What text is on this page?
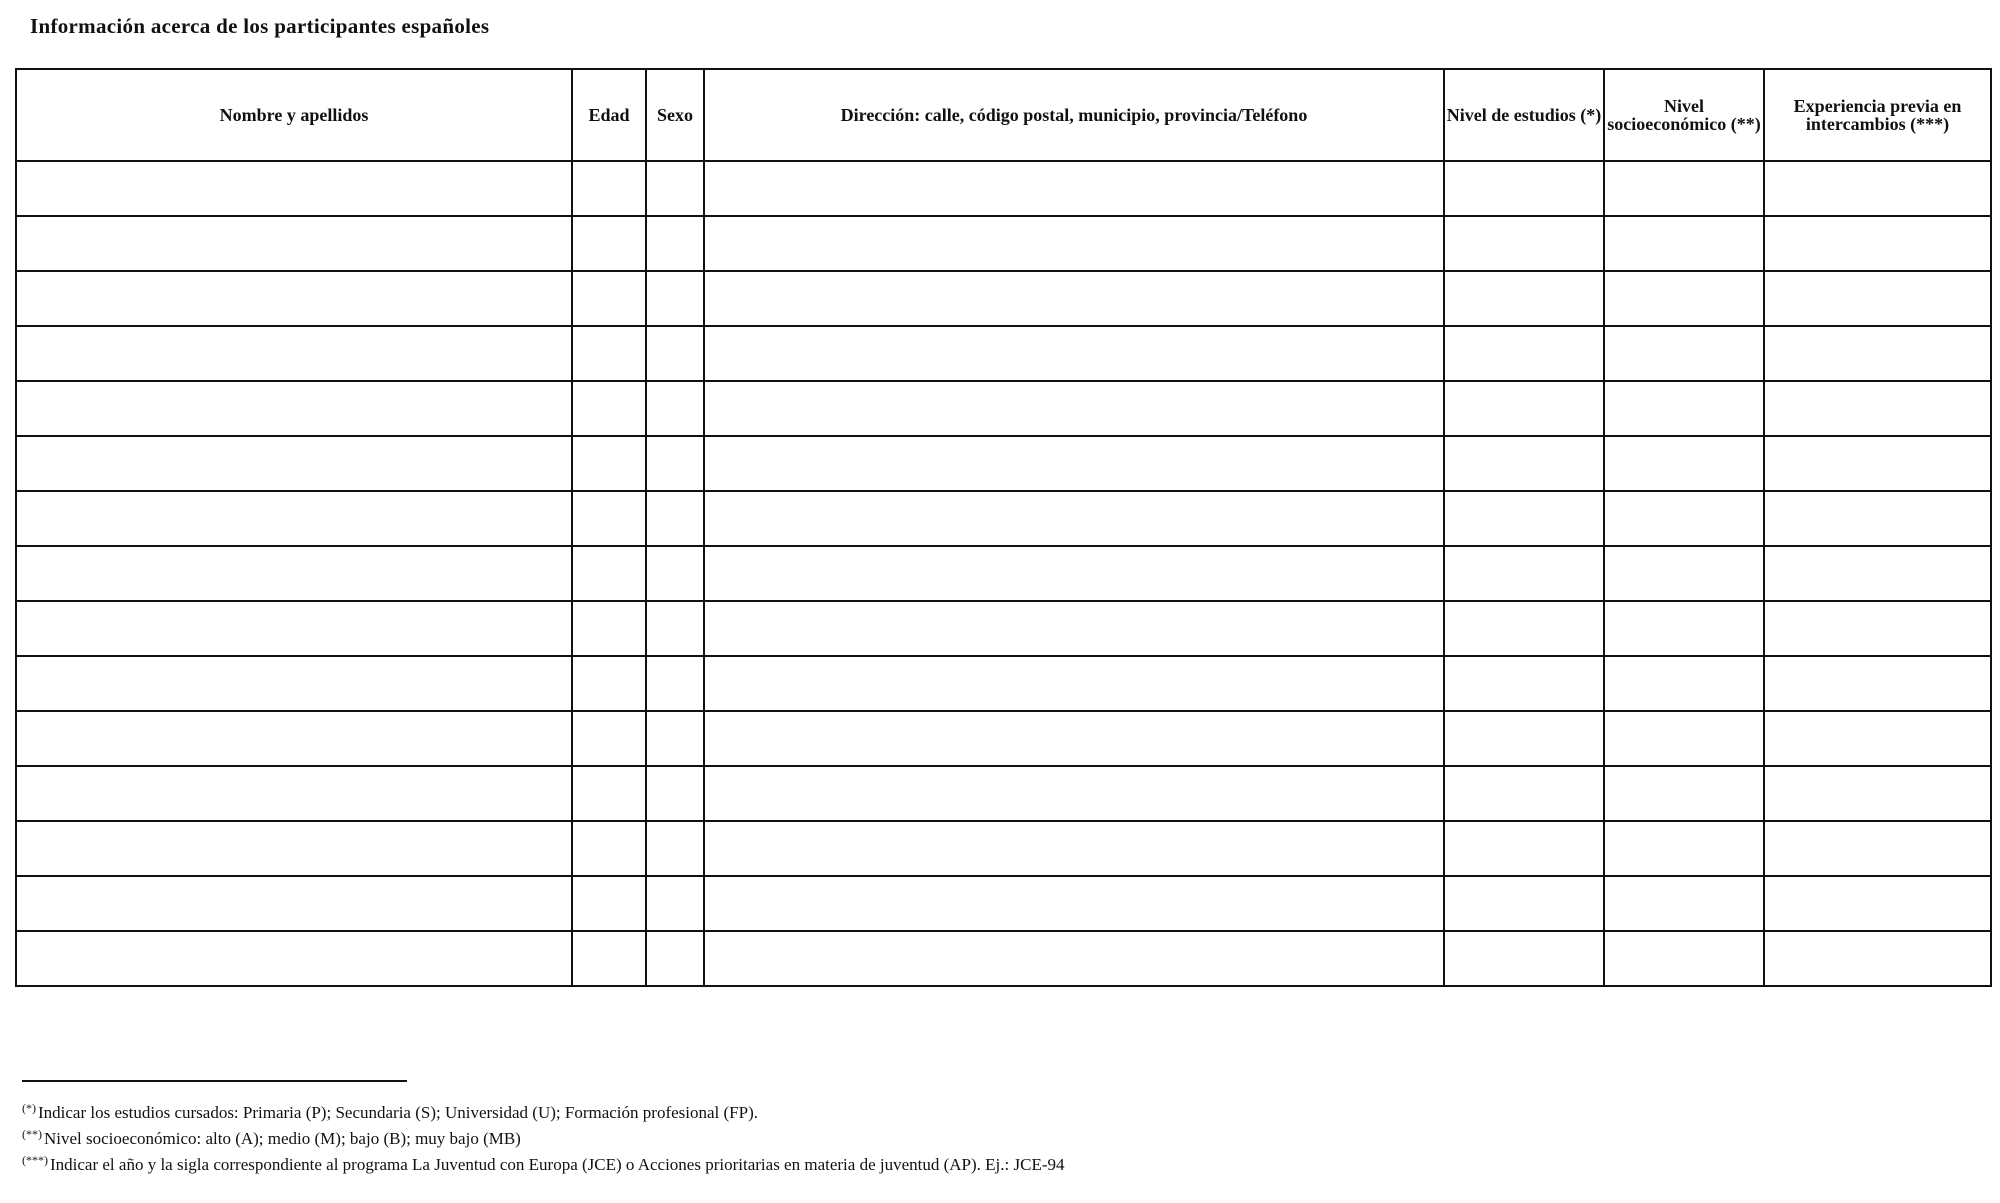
Información acerca de los participantes españoles
Nombre y apellidos	Edad	Sexo	Dirección: calle, código postal, municipio, provincia/Teléfono	Nivel de estudios (*)	Nivel socioeconómico (**)	Experiencia previa en intercambios (***)

(*) Indicar los estudios cursados: Primaria (P); Secundaria (S); Universidad (U); Formación profesional (FP).
(**) Nivel socioeconómico: alto (A); medio (M); bajo (B); muy bajo (MB)
(***) Indicar el año y la sigla correspondiente al programa La Juventud con Europa (JCE) o Acciones prioritarias en materia de juventud (AP). Ej.: JCE-94
